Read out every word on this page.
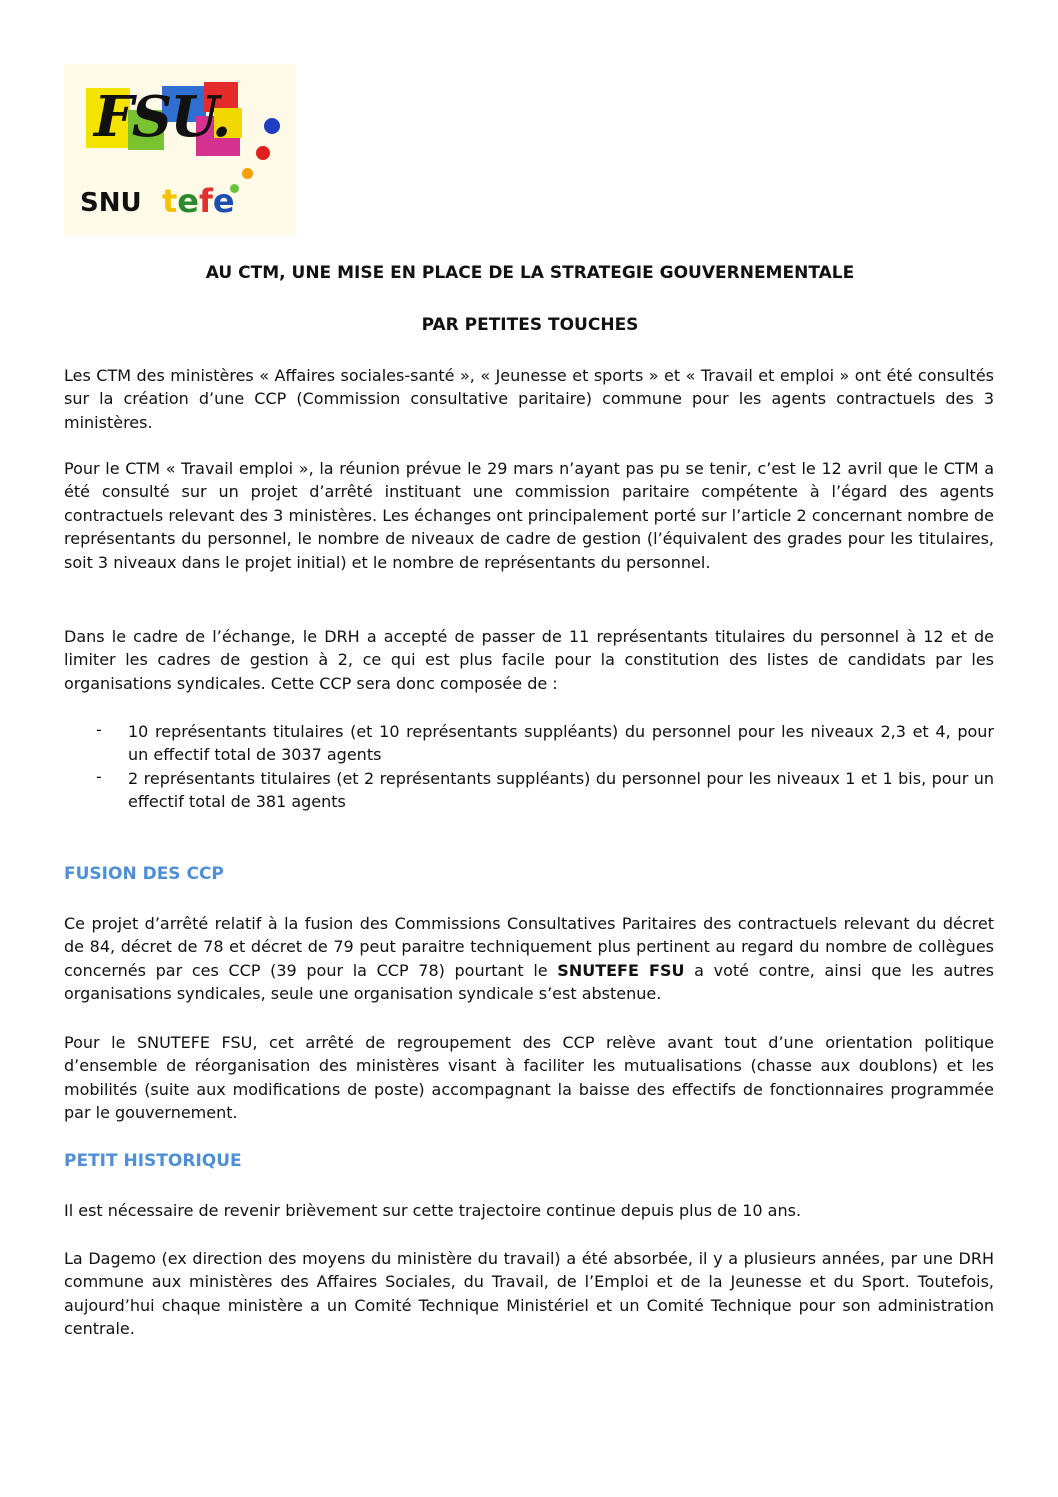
FSU.
SNU tefe
AU CTM, UNE MISE EN PLACE DE LA STRATEGIE GOUVERNEMENTALE
PAR PETITES TOUCHES

Les CTM des ministères « Affaires sociales-santé », « Jeunesse et sports » et « Travail et emploi » ont été consultés sur la création d’une CCP (Commission consultative paritaire) commune pour les agents contractuels des 3 ministères.

Pour le CTM « Travail emploi », la réunion prévue le 29 mars n’ayant pas pu se tenir, c’est le 12 avril que le CTM a été consulté sur un projet d’arrêté instituant une commission paritaire compétente à l’égard des agents contractuels relevant des 3 ministères. Les échanges ont principalement porté sur l’article 2 concernant nombre de représentants du personnel, le nombre de niveaux de cadre de gestion (l’équivalent des grades pour les titulaires, soit 3 niveaux dans le projet initial) et le nombre de représentants du personnel.

Dans le cadre de l’échange, le DRH a accepté de passer de 11 représentants titulaires du personnel à 12 et de limiter les cadres de gestion à 2, ce qui est plus facile pour la constitution des listes de candidats par les organisations syndicales. Cette CCP sera donc composée de :

- 10 représentants titulaires (et 10 représentants suppléants) du personnel pour les niveaux 2,3 et 4, pour un effectif total de 3037 agents

- 2 représentants titulaires (et 2 représentants suppléants) du personnel pour les niveaux 1 et 1 bis, pour un effectif total de 381 agents

FUSION DES CCP

Ce projet d’arrêté relatif à la fusion des Commissions Consultatives Paritaires des contractuels relevant du décret de 84, décret de 78 et décret de 79 peut paraitre techniquement plus pertinent au regard du nombre de collègues concernés par ces CCP (39 pour la CCP 78) pourtant le SNUTEFE FSU a voté contre, ainsi que les autres organisations syndicales, seule une organisation syndicale s’est abstenue.

Pour le SNUTEFE FSU, cet arrêté de regroupement des CCP relève avant tout d’une orientation politique d’ensemble de réorganisation des ministères visant à faciliter les mutualisations (chasse aux doublons) et les mobilités (suite aux modifications de poste) accompagnant la baisse des effectifs de fonctionnaires programmée par le gouvernement.

PETIT HISTORIQUE

Il est nécessaire de revenir brièvement sur cette trajectoire continue depuis plus de 10 ans.

La Dagemo (ex direction des moyens du ministère du travail) a été absorbée, il y a plusieurs années, par une DRH commune aux ministères des Affaires Sociales, du Travail, de l’Emploi et de la Jeunesse et du Sport. Toutefois, aujourd’hui chaque ministère a un Comité Technique Ministériel et un Comité Technique pour son administration centrale.
